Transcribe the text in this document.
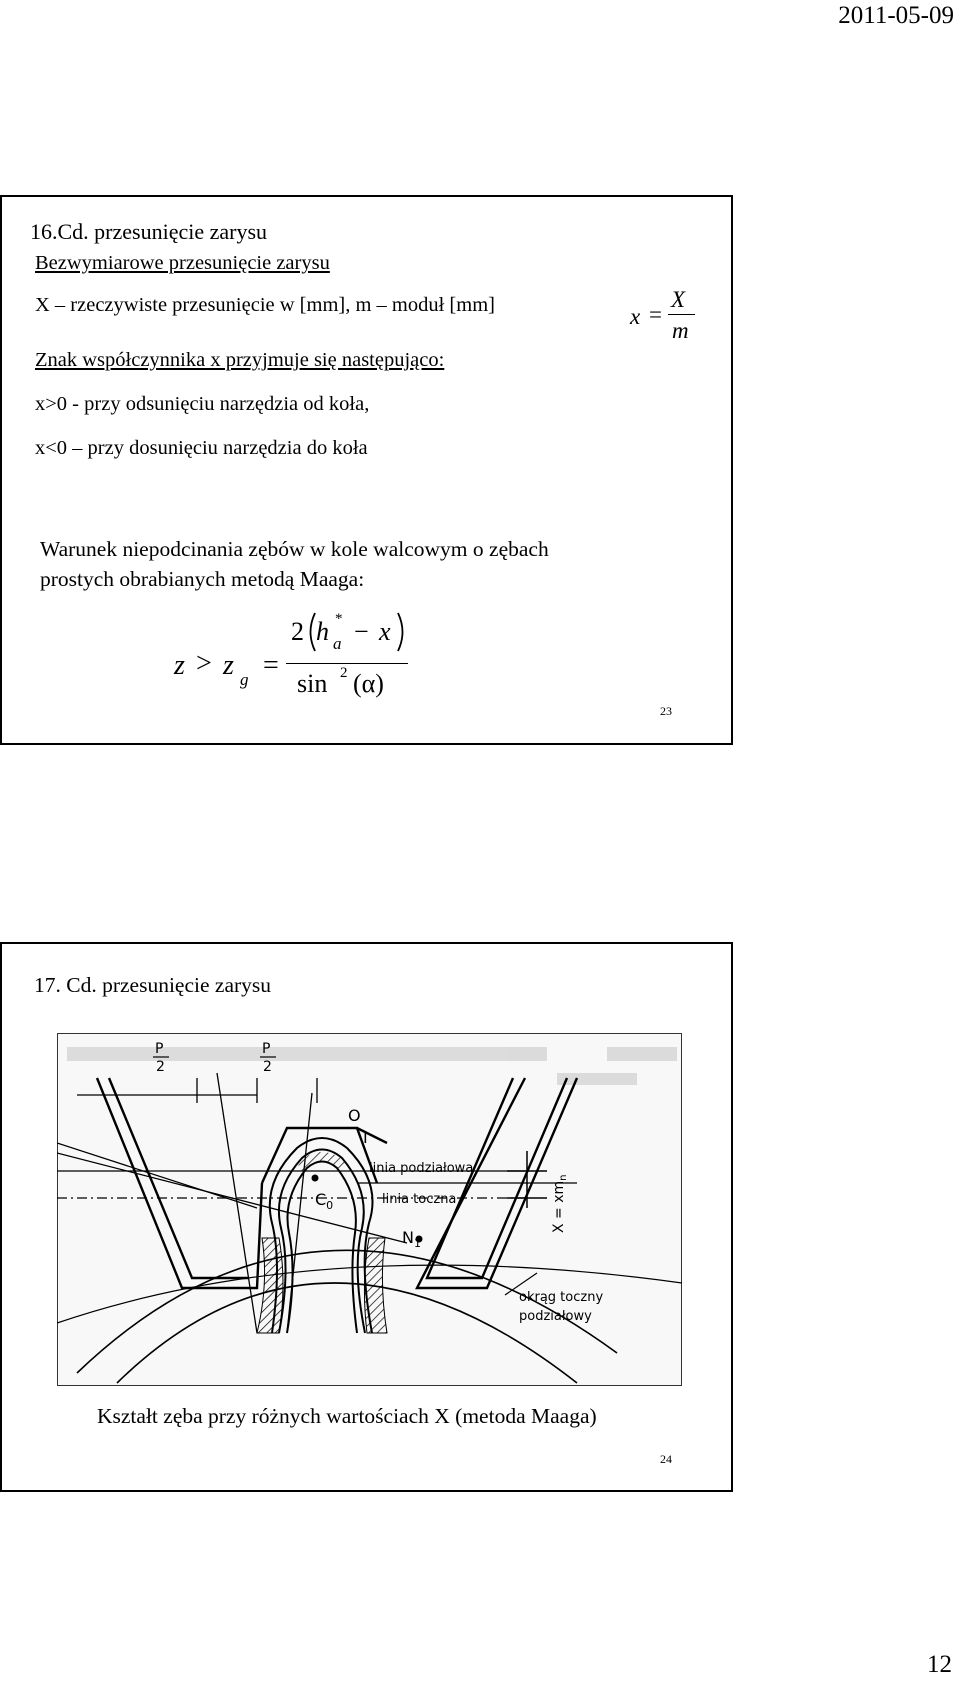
2011-05-09
16.Cd. przesunięcie zarysu
Bezwymiarowe przesunięcie zarysu
X – rzeczywiste przesunięcie w [mm], m – moduł [mm]
Znak współczynnika x przyjmuje się następująco:
x>0 - przy odsunięciu narzędzia od koła,
x<0 – przy dosunięciu narzędzia do koła
x =
X
m
Warunek niepodcinania zębów w kole walcowym o zębach
prostych obrabianych metodą Maaga:
z > z g =
2 h *
a − x
sin 2 (α)
23
17. Cd. przesunięcie zarysu
P
2
P
2
O
I
linia podziałowa
linia toczna
$C_0$
$N_1$
okrąg toczny
podziałowy
$X = xm_n$
Kształt zęba przy różnych wartościach X (metoda Maaga)
24
12
